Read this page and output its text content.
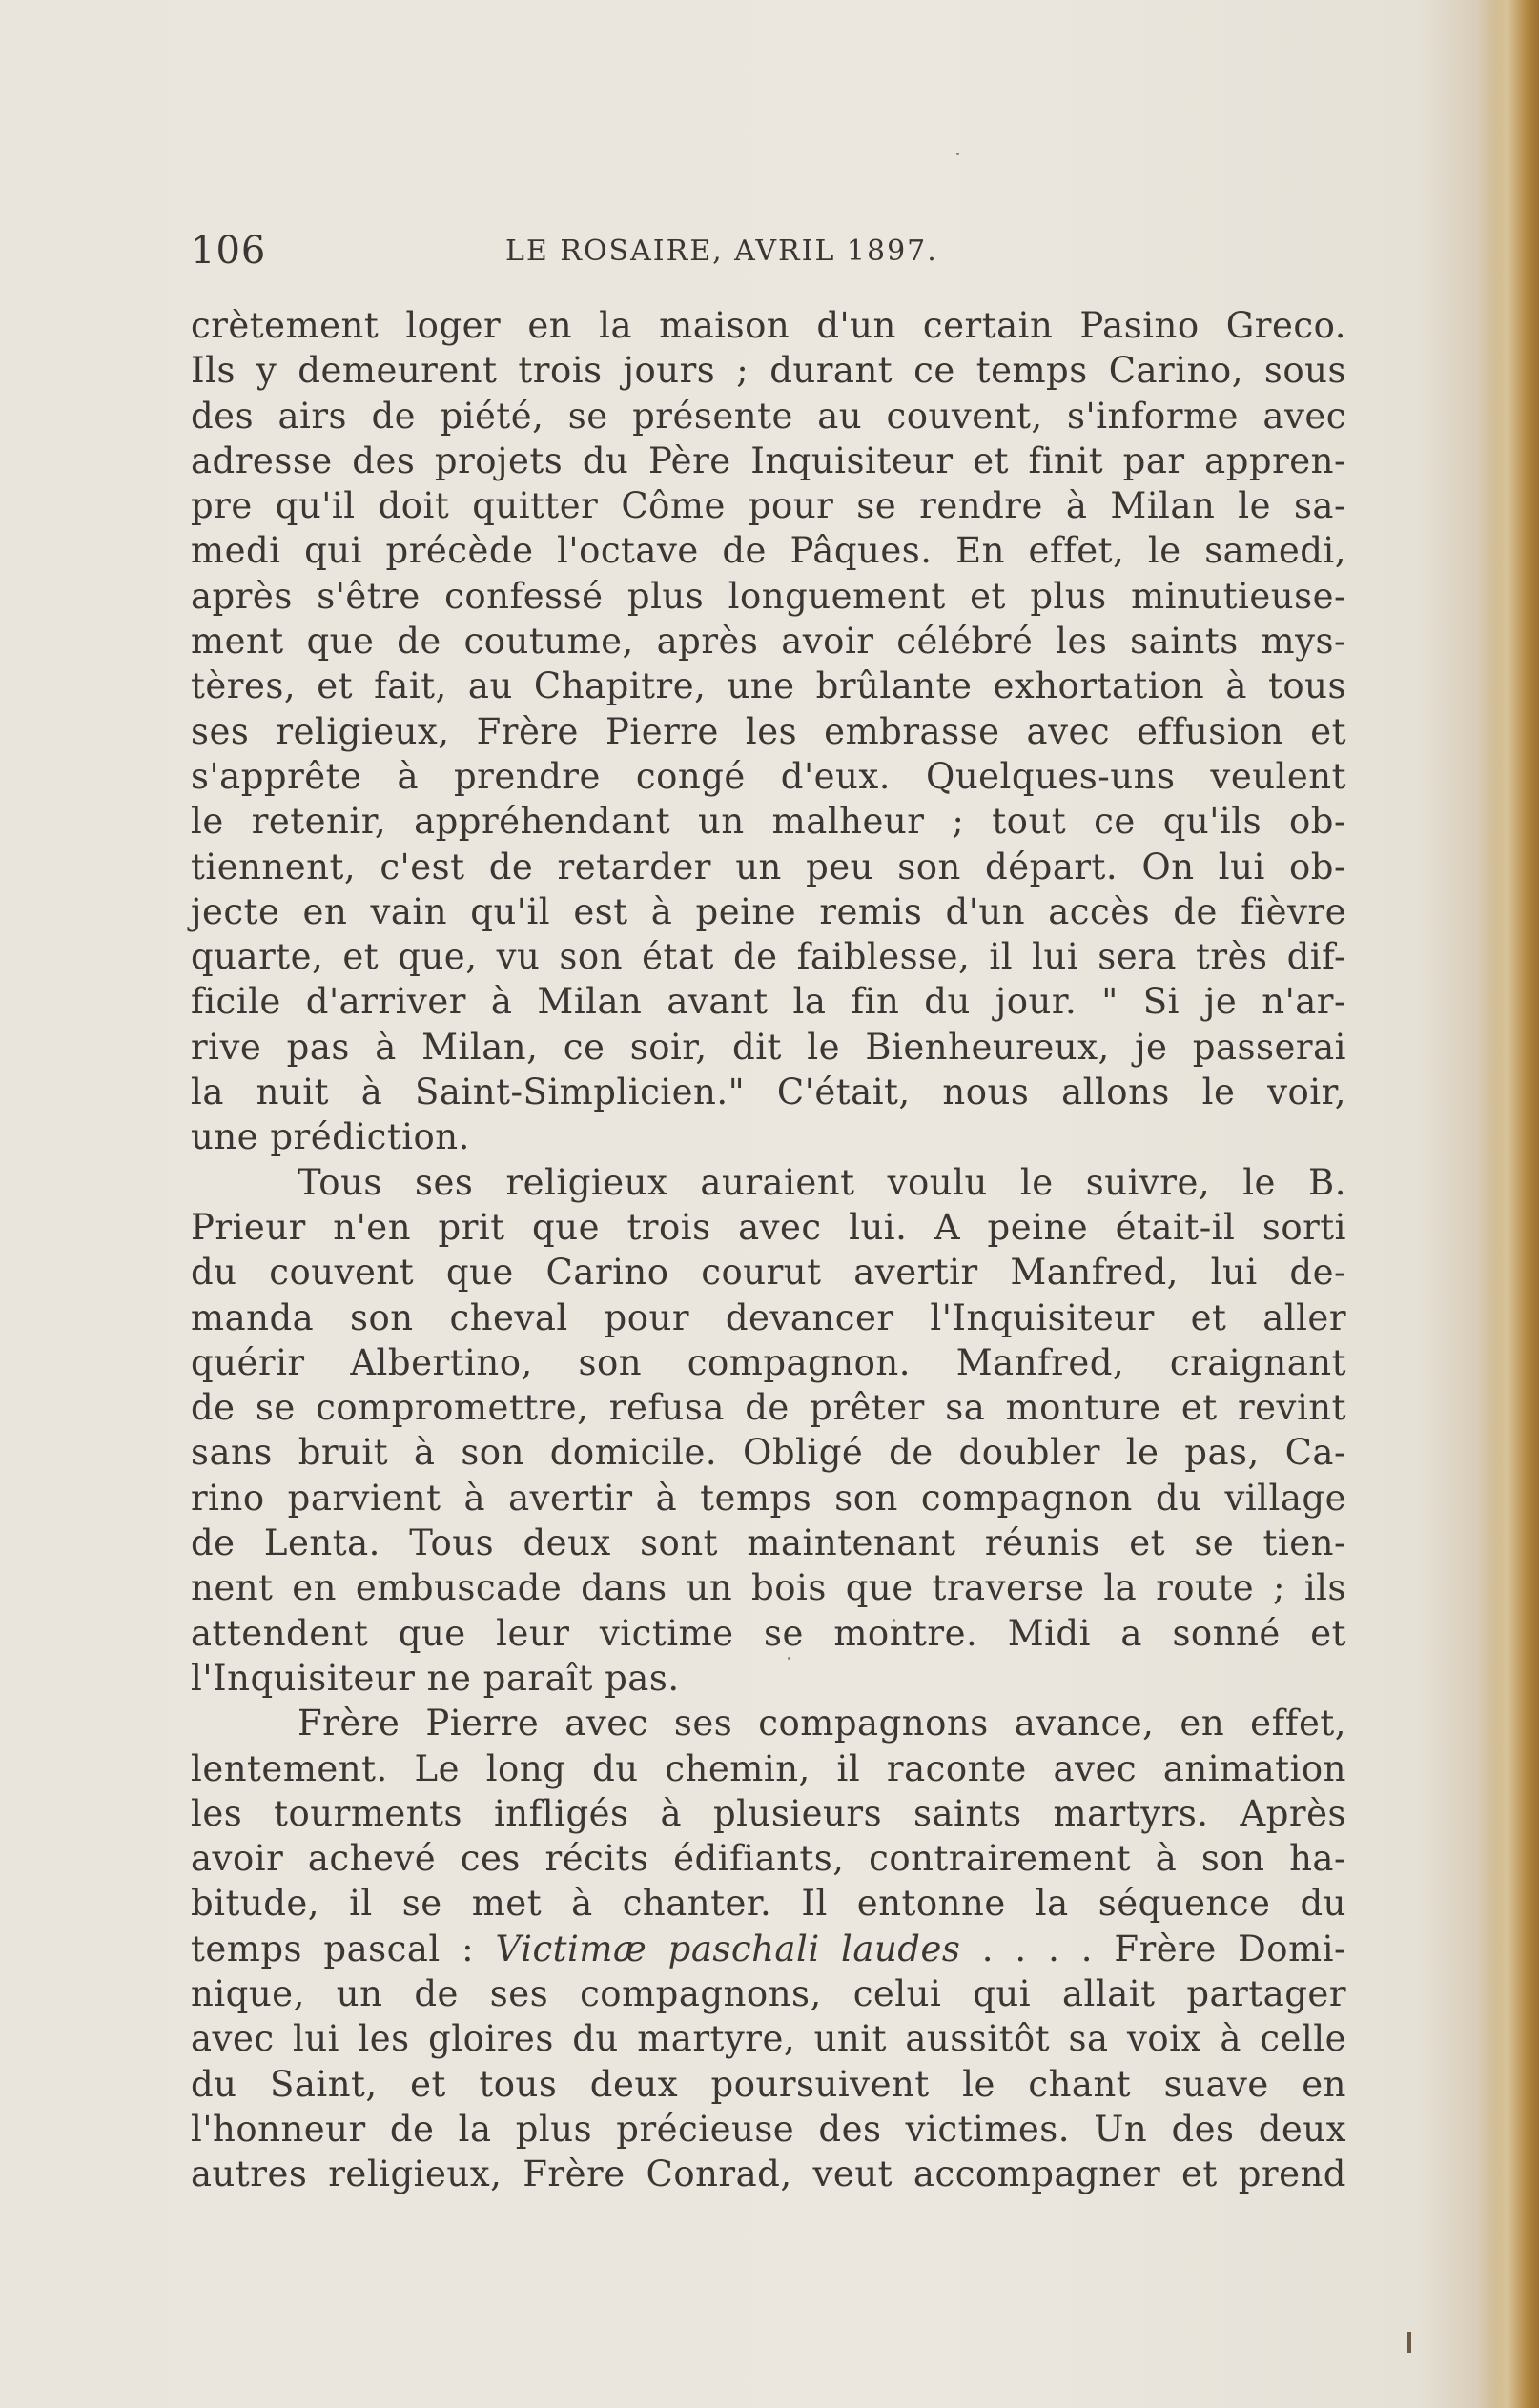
106	LE ROSAIRE, AVRIL 1897.
crètement loger en la maison d'un certain Pasino Greco.
Ils y demeurent trois jours ; durant ce temps Carino, sous
des airs de piété, se présente au couvent, s'informe avec
adresse des projets du Père Inquisiteur et finit par appren-
pre qu'il doit quitter Côme pour se rendre à Milan le sa-
medi qui précède l'octave de Pâques. En effet, le samedi,
après s'être confessé plus longuement et plus minutieuse-
ment que de coutume, après avoir célébré les saints mys-
tères, et fait, au Chapitre, une brûlante exhortation à tous
ses religieux, Frère Pierre les embrasse avec effusion et
s'apprête à prendre congé d'eux. Quelques-uns veulent
le retenir, appréhendant un malheur ; tout ce qu'ils ob-
tiennent, c'est de retarder un peu son départ. On lui ob-
jecte en vain qu'il est à peine remis d'un accès de fièvre
quarte, et que, vu son état de faiblesse, il lui sera très dif-
ficile d'arriver à Milan avant la fin du jour. " Si je n'ar-
rive pas à Milan, ce soir, dit le Bienheureux, je passerai
la nuit à Saint-Simplicien." C'était, nous allons le voir,
une prédiction.
Tous ses religieux auraient voulu le suivre, le B.
Prieur n'en prit que trois avec lui. A peine était-il sorti
du couvent que Carino courut avertir Manfred, lui de-
manda son cheval pour devancer l'Inquisiteur et aller
quérir Albertino, son compagnon. Manfred, craignant
de se compromettre, refusa de prêter sa monture et revint
sans bruit à son domicile. Obligé de doubler le pas, Ca-
rino parvient à avertir à temps son compagnon du village
de Lenta. Tous deux sont maintenant réunis et se tien-
nent en embuscade dans un bois que traverse la route ; ils
attendent que leur victime se montre. Midi a sonné et
l'Inquisiteur ne paraît pas.
Frère Pierre avec ses compagnons avance, en effet,
lentement. Le long du chemin, il raconte avec animation
les tourments infligés à plusieurs saints martyrs. Après
avoir achevé ces récits édifiants, contrairement à son ha-
bitude, il se met à chanter. Il entonne la séquence du
temps pascal : Victimæ paschali laudes . . . . Frère Domi-
nique, un de ses compagnons, celui qui allait partager
avec lui les gloires du martyre, unit aussitôt sa voix à celle
du Saint, et tous deux poursuivent le chant suave en
l'honneur de la plus précieuse des victimes. Un des deux
autres religieux, Frère Conrad, veut accompagner et prend
